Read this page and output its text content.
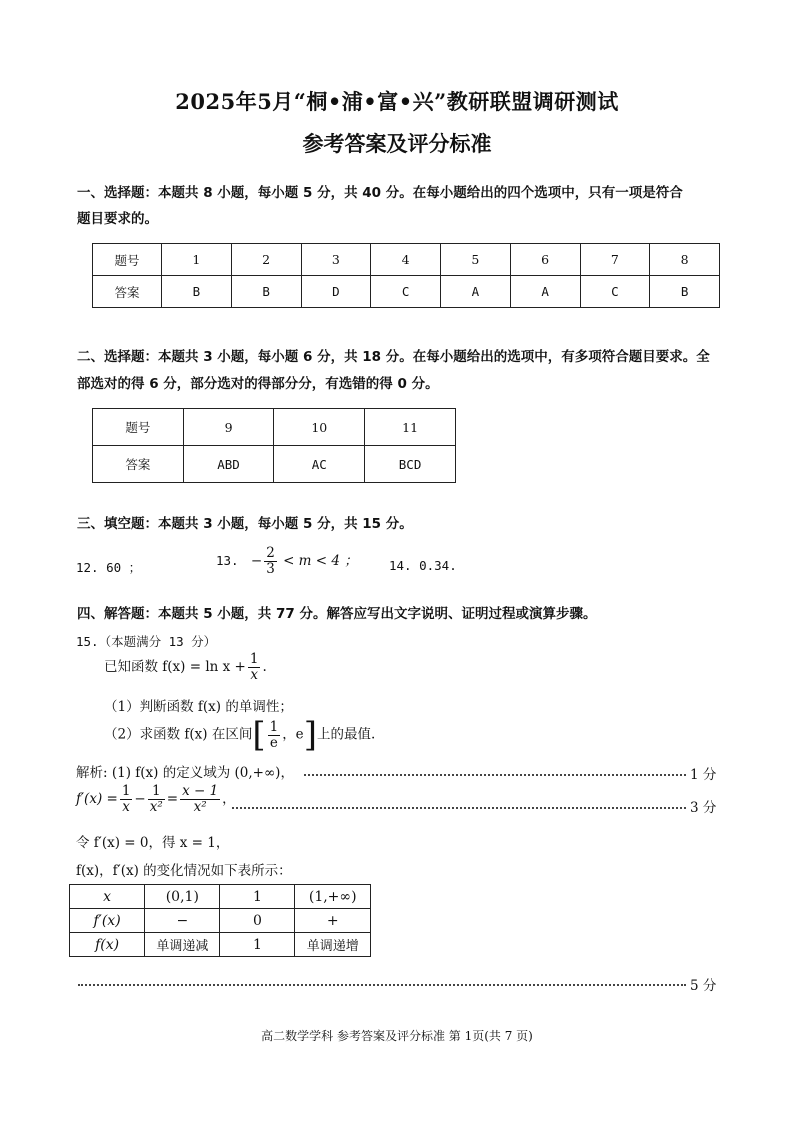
2025年5月“桐•浦•富•兴”教研联盟调研测试
参考答案及评分标准
一、选择题：本题共 8 小题，每小题 5 分，共 40 分。在每小题给出的四个选项中，只有一项是符合
题目要求的。
题号	1	2	3	4	5	6	7	8
答案	B	B	D	C	A	A	C	B
二、选择题：本题共 3 小题，每小题 6 分，共 18 分。在每小题给出的选项中，有多项符合题目要求。全
部选对的得 6 分，部分选对的得部分分，有选错的得 0 分。
题号	9	10	11
答案	ABD	AC	BCD
三、填空题：本题共 3 小题，每小题 5 分，共 15 分。
12. 60 ；	13. − $\frac{2}{3} < m < 4$ ； 14. 0.34.
四、解答题：本题共 5 小题，共 77 分。解答应写出文字说明、证明过程或演算步骤。
15.（本题满分 13 分）
已知函数 $f(x) = \ln x + \frac{1}{x}$ .
（1）判断函数 f(x) 的单调性；
（2）求函数 f(x) 在区间[ $\frac{1}{e}$ ，e]上的最值.
解析: (1) f(x) 的定义域为 (0,+∞)，	1 分
$f'(x) = \frac{1}{x} - \frac{1}{\text{x²}} = \frac{x - 1}{\text{x²}}$ ，
3 分
令 f′(x) = 0，得 x = 1，
f(x)，f′(x) 的变化情况如下表所示：
x	(0,1)	1	(1,+∞)
f′(x)	−	0	+
f(x)	单调递减	1	单调递增
5 分
高二数学学科 参考答案及评分标准 第 1页(共 7 页)
